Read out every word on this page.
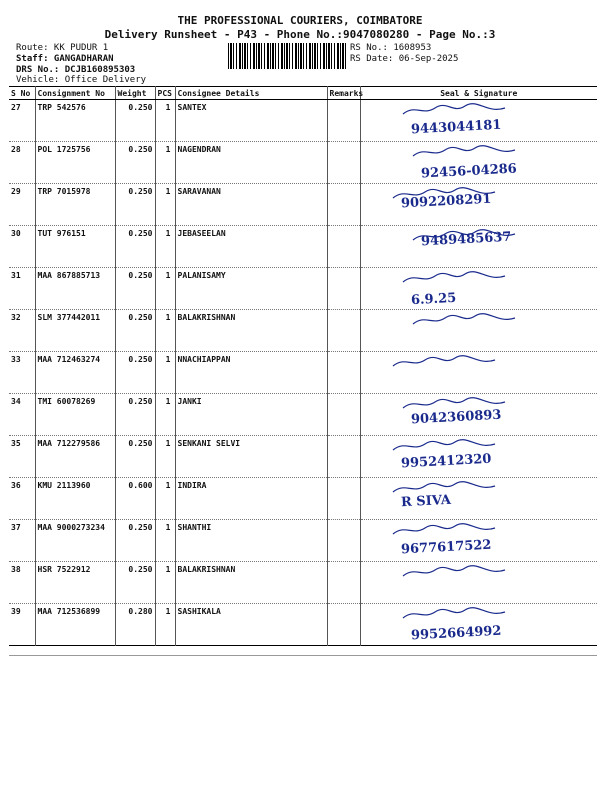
THE PROFESSIONAL COURIERS, COIMBATORE
Delivery Runsheet - P43 - Phone No.:9047080280 - Page No.:3
Route: KK PUDUR 1
Staff: GANGADHARAN
DRS No.: DCJB160895303
Vehicle: Office Delivery
RS No.: 1608953
RS Date: 06-Sep-2025
S No	Consignment No	Weight	PCS	Consignee Details	Remarks	Seal & Signature
27	TRP 542576	0.250	1	SANTEX		9443044181

28	POL 1725756	0.250	1	NAGENDRAN		92456-04286

29	TRP 7015978	0.250	1	SARAVANAN		9092208291

30	TUT 976151	0.250	1	JEBASEELAN		9489485637

31	MAA 867885713	0.250	1	PALANISAMY		6.9.25

32	SLM 377442011	0.250	1	BALAKRISHNAN		

33	MAA 712463274	0.250	1	NNACHIAPPAN		

34	TMI 60078269	0.250	1	JANKI		9042360893

35	MAA 712279586	0.250	1	SENKANI SELVI		9952412320

36	KMU 2113960	0.600	1	INDIRA		R SIVA

37	MAA 9000273234	0.250	1	SHANTHI		9677617522

38	HSR 7522912	0.250	1	BALAKRISHNAN		

39	MAA 712536899	0.280	1	SASHIKALA		9952664992
